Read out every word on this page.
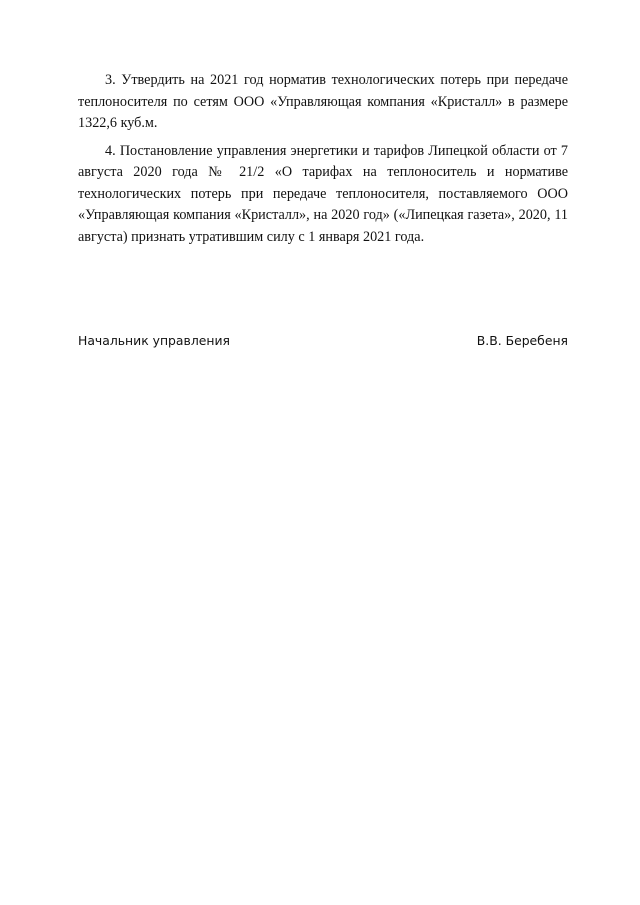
3. Утвердить на 2021 год норматив технологических потерь при передаче теплоносителя по сетям ООО «Управляющая компания «Кристалл» в размере 1322,6 куб.м.

4. Постановление управления энергетики и тарифов Липецкой области от 7 августа 2020 года № 21/2 «О тарифах на теплоноситель и нормативе технологических потерь при передаче теплоносителя, поставляемого ООО «Управляющая компания «Кристалл», на 2020 год» («Липецкая газета», 2020, 11 августа) признать утратившим силу с 1 января 2021 года.

Начальник управления	В.В. Беребеня
